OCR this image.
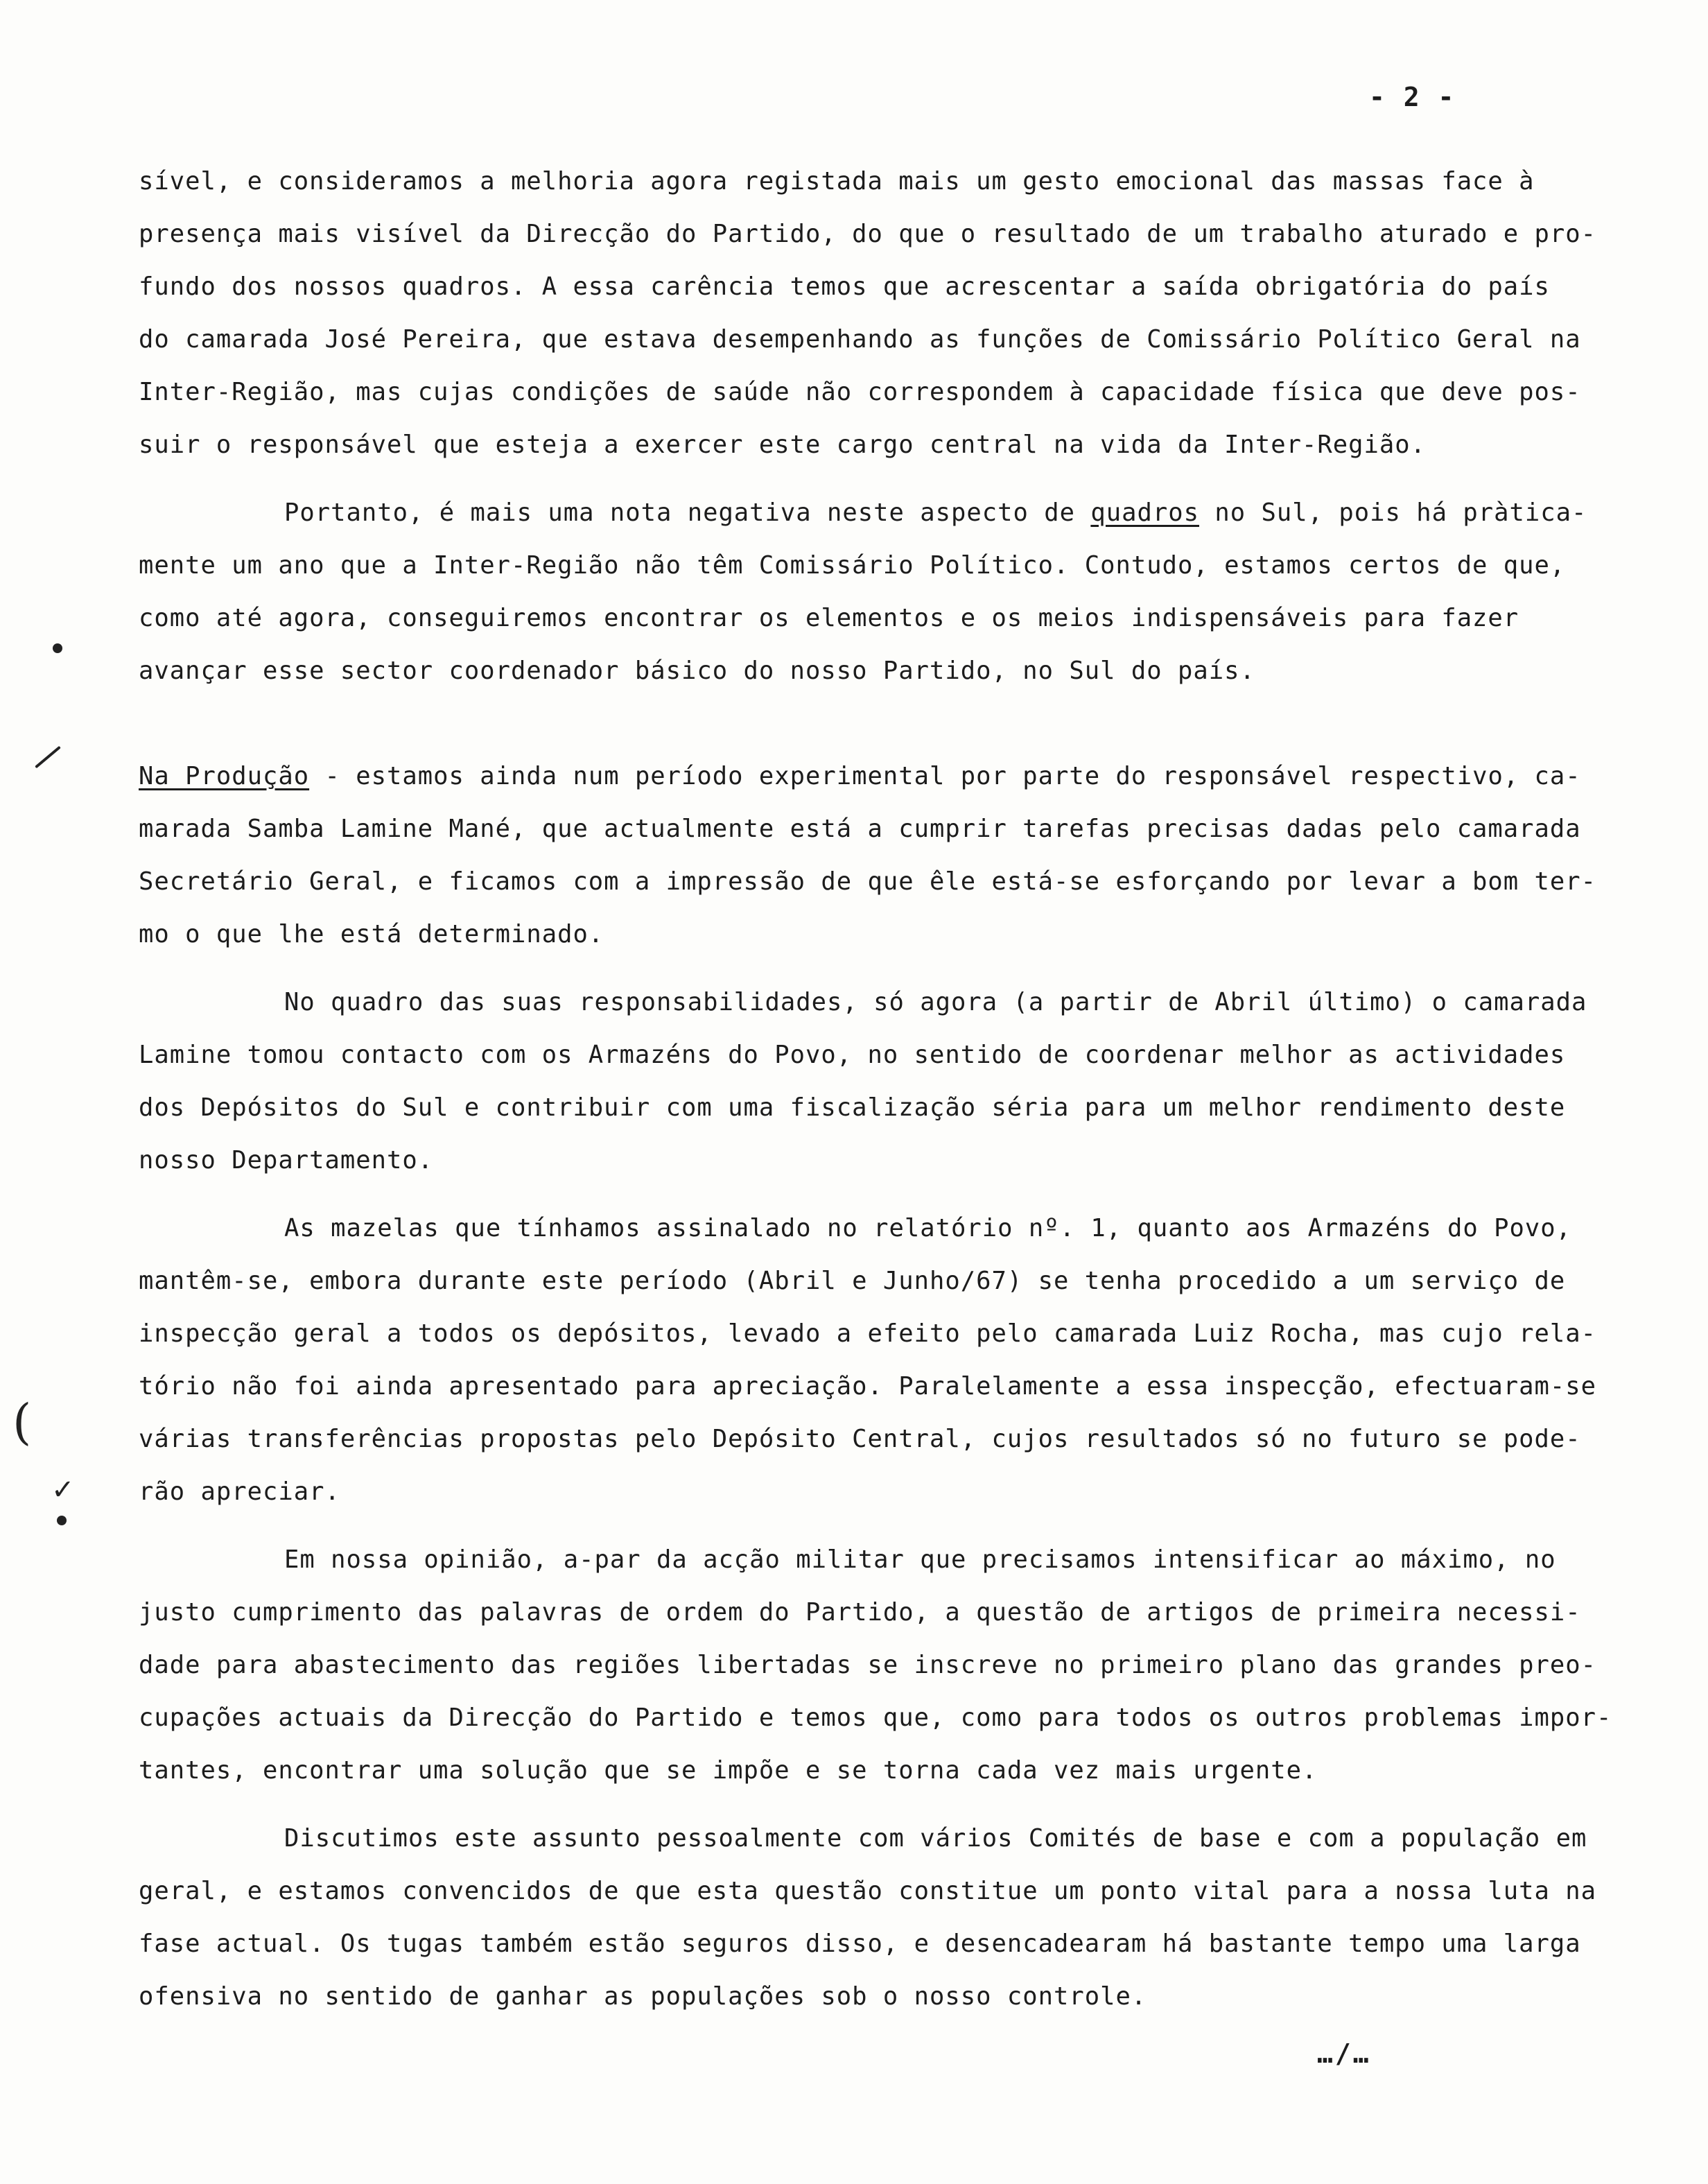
- 2 -
sível, e consideramos a melhoria agora registada mais um gesto emocional das massas face à
presença mais visível da Direcção do Partido, do que o resultado de um trabalho aturado e pro-
fundo dos nossos quadros. A essa carência temos que acrescentar a saída obrigatória do país
do camarada José Pereira, que estava desempenhando as funções de Comissário Político Geral na
Inter-Região, mas cujas condições de saúde não correspondem à capacidade física que deve pos-
suir o responsável que esteja a exercer este cargo central na vida da Inter-Região.
Portanto, é mais uma nota negativa neste aspecto de quadros no Sul, pois há pràtica-
mente um ano que a Inter-Região não têm Comissário Político. Contudo, estamos certos de que,
como até agora, conseguiremos encontrar os elementos e os meios indispensáveis para fazer
avançar esse sector coordenador básico do nosso Partido, no Sul do país.
Na Produção - estamos ainda num período experimental por parte do responsável respectivo, ca-
marada Samba Lamine Mané, que actualmente está a cumprir tarefas precisas dadas pelo camarada
Secretário Geral, e ficamos com a impressão de que êle está-se esforçando por levar a bom ter-
mo o que lhe está determinado.
No quadro das suas responsabilidades, só agora (a partir de Abril último) o camarada
Lamine tomou contacto com os Armazéns do Povo, no sentido de coordenar melhor as actividades
dos Depósitos do Sul e contribuir com uma fiscalização séria para um melhor rendimento deste
nosso Departamento.
As mazelas que tínhamos assinalado no relatório nº. 1, quanto aos Armazéns do Povo,
mantêm-se, embora durante este período (Abril e Junho/67) se tenha procedido a um serviço de
inspecção geral a todos os depósitos, levado a efeito pelo camarada Luiz Rocha, mas cujo rela-
tório não foi ainda apresentado para apreciação. Paralelamente a essa inspecção, efectuaram-se
várias transferências propostas pelo Depósito Central, cujos resultados só no futuro se pode-
rão apreciar.
Em nossa opinião, a-par da acção militar que precisamos intensificar ao máximo, no
justo cumprimento das palavras de ordem do Partido, a questão de artigos de primeira necessi-
dade para abastecimento das regiões libertadas se inscreve no primeiro plano das grandes preo-
cupações actuais da Direcção do Partido e temos que, como para todos os outros problemas impor-
tantes, encontrar uma solução que se impõe e se torna cada vez mais urgente.
Discutimos este assunto pessoalmente com vários Comités de base e com a população em
geral, e estamos convencidos de que esta questão constitue um ponto vital para a nossa luta na
fase actual. Os tugas também estão seguros disso, e desencadearam há bastante tempo uma larga
ofensiva no sentido de ganhar as populações sob o nosso controle.
…/…
(
✓
